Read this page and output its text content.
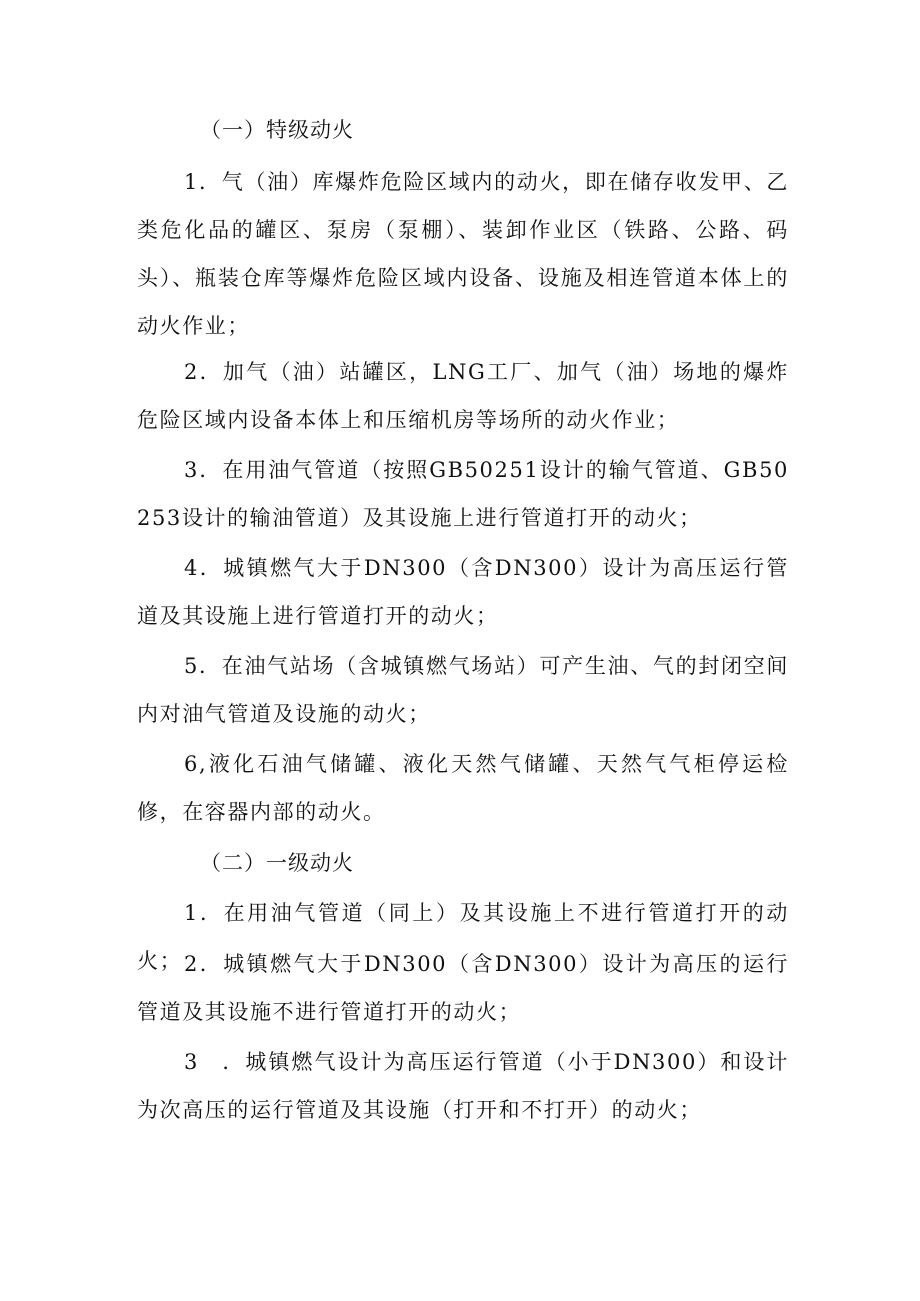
（一）特级动火
1．气（油）库爆炸危险区域内的动火，即在储存收发甲、乙类危化品的罐区、泵房（泵棚）、装卸作业区（铁路、公路、码头）、瓶装仓库等爆炸危险区域内设备、设施及相连管道本体上的动火作业；
2．加气（油）站罐区，LNG工厂、加气（油）场地的爆炸危险区域内设备本体上和压缩机房等场所的动火作业；
3．在用油气管道（按照GB50251设计的输气管道、GB50253设计的输油管道）及其设施上进行管道打开的动火；
4．城镇燃气大于DN300（含DN300）设计为高压运行管道及其设施上进行管道打开的动火；
5．在油气站场（含城镇燃气场站）可产生油、气的封闭空间内对油气管道及设施的动火；
6,液化石油气储罐、液化天然气储罐、天然气气柜停运检修，在容器内部的动火。
（二）一级动火
1．在用油气管道（同上）及其设施上不进行管道打开的动火； 2．城镇燃气大于DN300（含DN300）设计为高压的运行管道及其设施不进行管道打开的动火；
3　．城镇燃气设计为高压运行管道（小于DN300）和设计为次高压的运行管道及其设施（打开和不打开）的动火；
